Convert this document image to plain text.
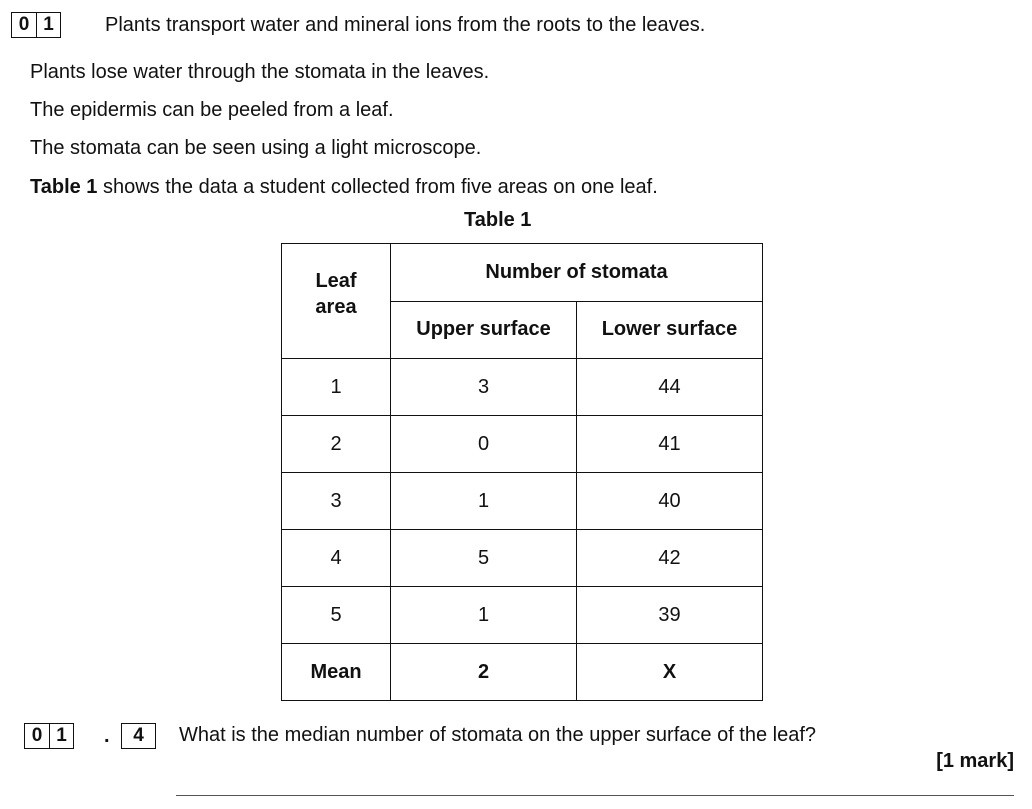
0 1	Plants transport water and mineral ions from the roots to the leaves.
Plants lose water through the stomata in the leaves.
The epidermis can be peeled from a leaf.
The stomata can be seen using a light microscope.
Table 1 shows the data a student collected from five areas on one leaf.
Table 1
Leaf area	Number of stomata	
	Upper surface	Lower surface
1	3	44
2	0	41
3	1	40
4	5	42
5	1	39
Mean	2	X
0 1	.	4	What is the median number of stomata on the upper surface of the leaf?
[1 mark]
